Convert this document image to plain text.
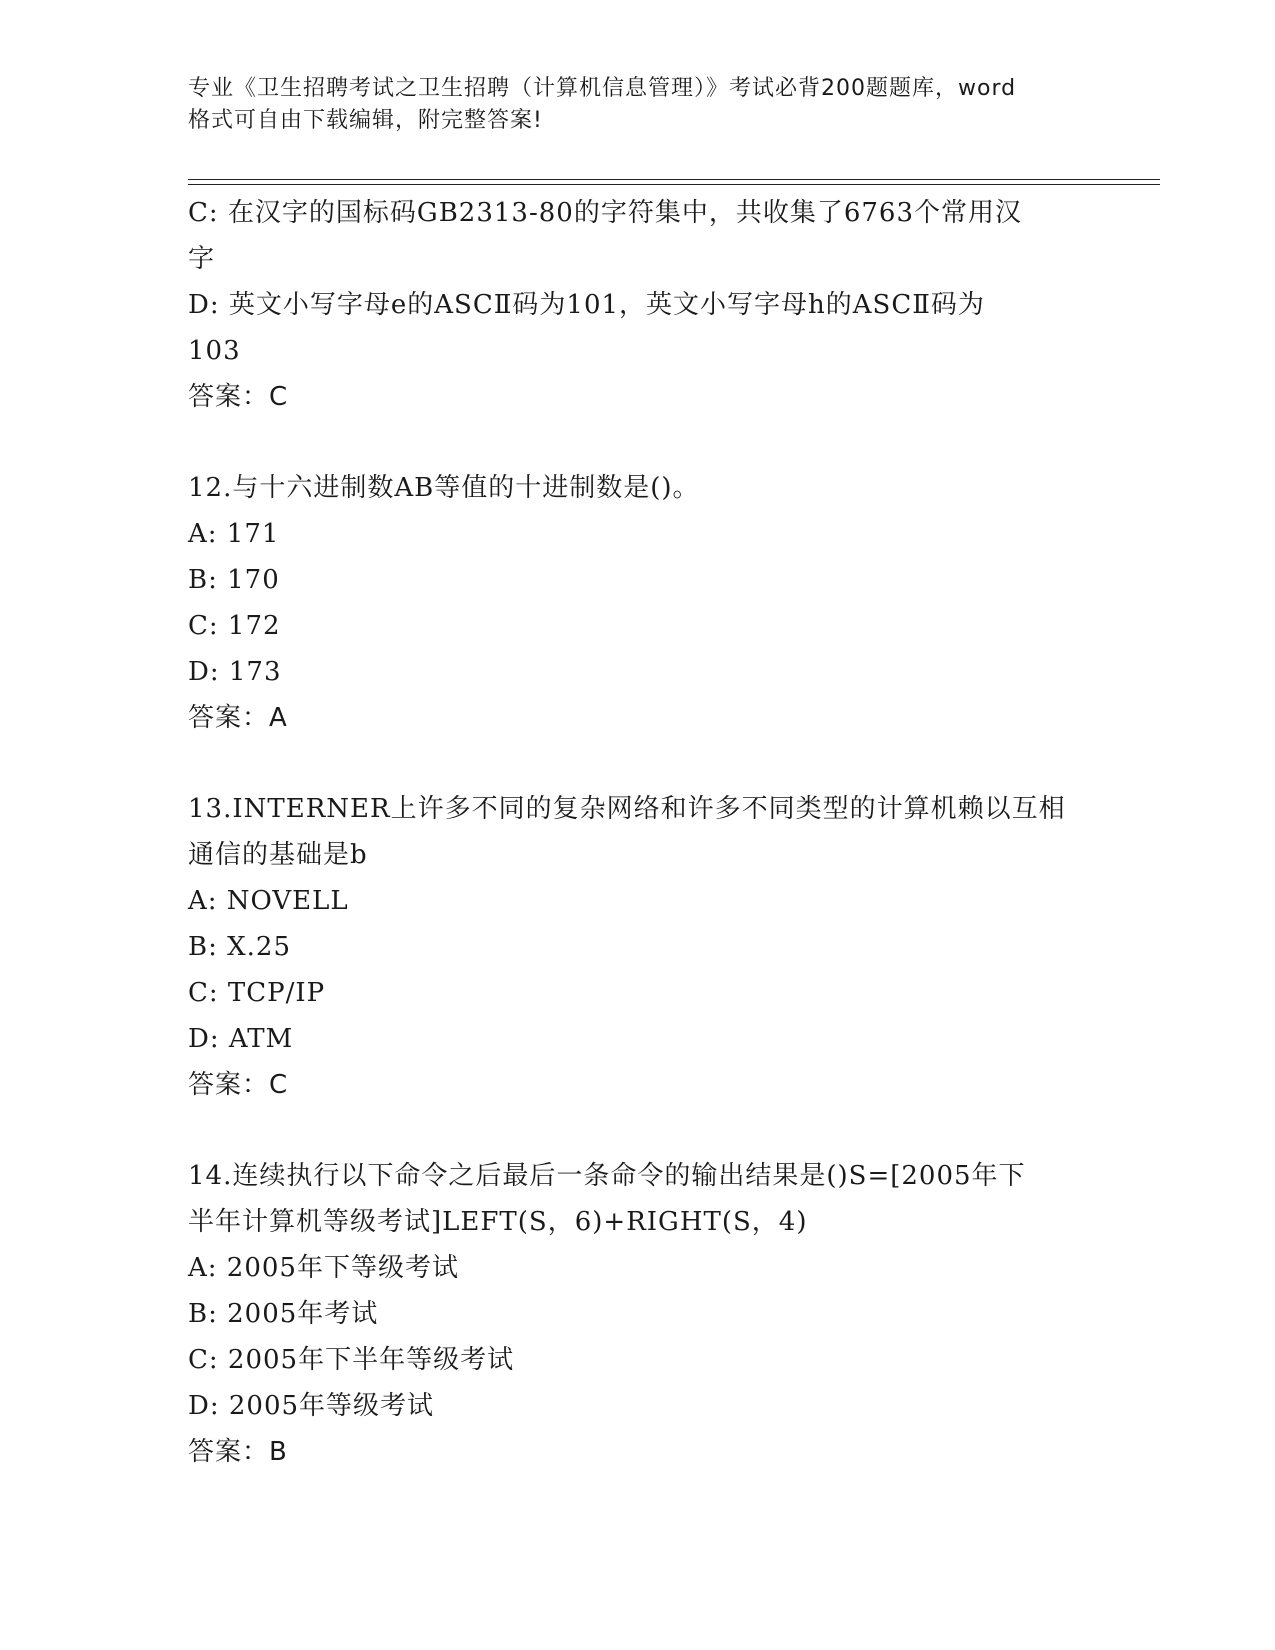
专业《卫生招聘考试之卫生招聘（计算机信息管理）》考试必背200题题库，word
格式可自由下载编辑，附完整答案!
C: 在汉字的国标码GB2313-80的字符集中，共收集了6763个常用汉
字
D: 英文小写字母e的ASCⅡ码为101，英文小写字母h的ASCⅡ码为
103
答案：C
12.与十六进制数AB等值的十进制数是()。
A: 171
B: 170
C: 172
D: 173
答案：A
13.INTERNER上许多不同的复杂网络和许多不同类型的计算机赖以互相
通信的基础是b
A: NOVELL
B: X.25
C: TCP/IP
D: ATM
答案：C
14.连续执行以下命令之后最后一条命令的输出结果是()S=[2005年下
半年计算机等级考试]LEFT(S，6)+RIGHT(S，4)
A: 2005年下等级考试
B: 2005年考试
C: 2005年下半年等级考试
D: 2005年等级考试
答案：B
